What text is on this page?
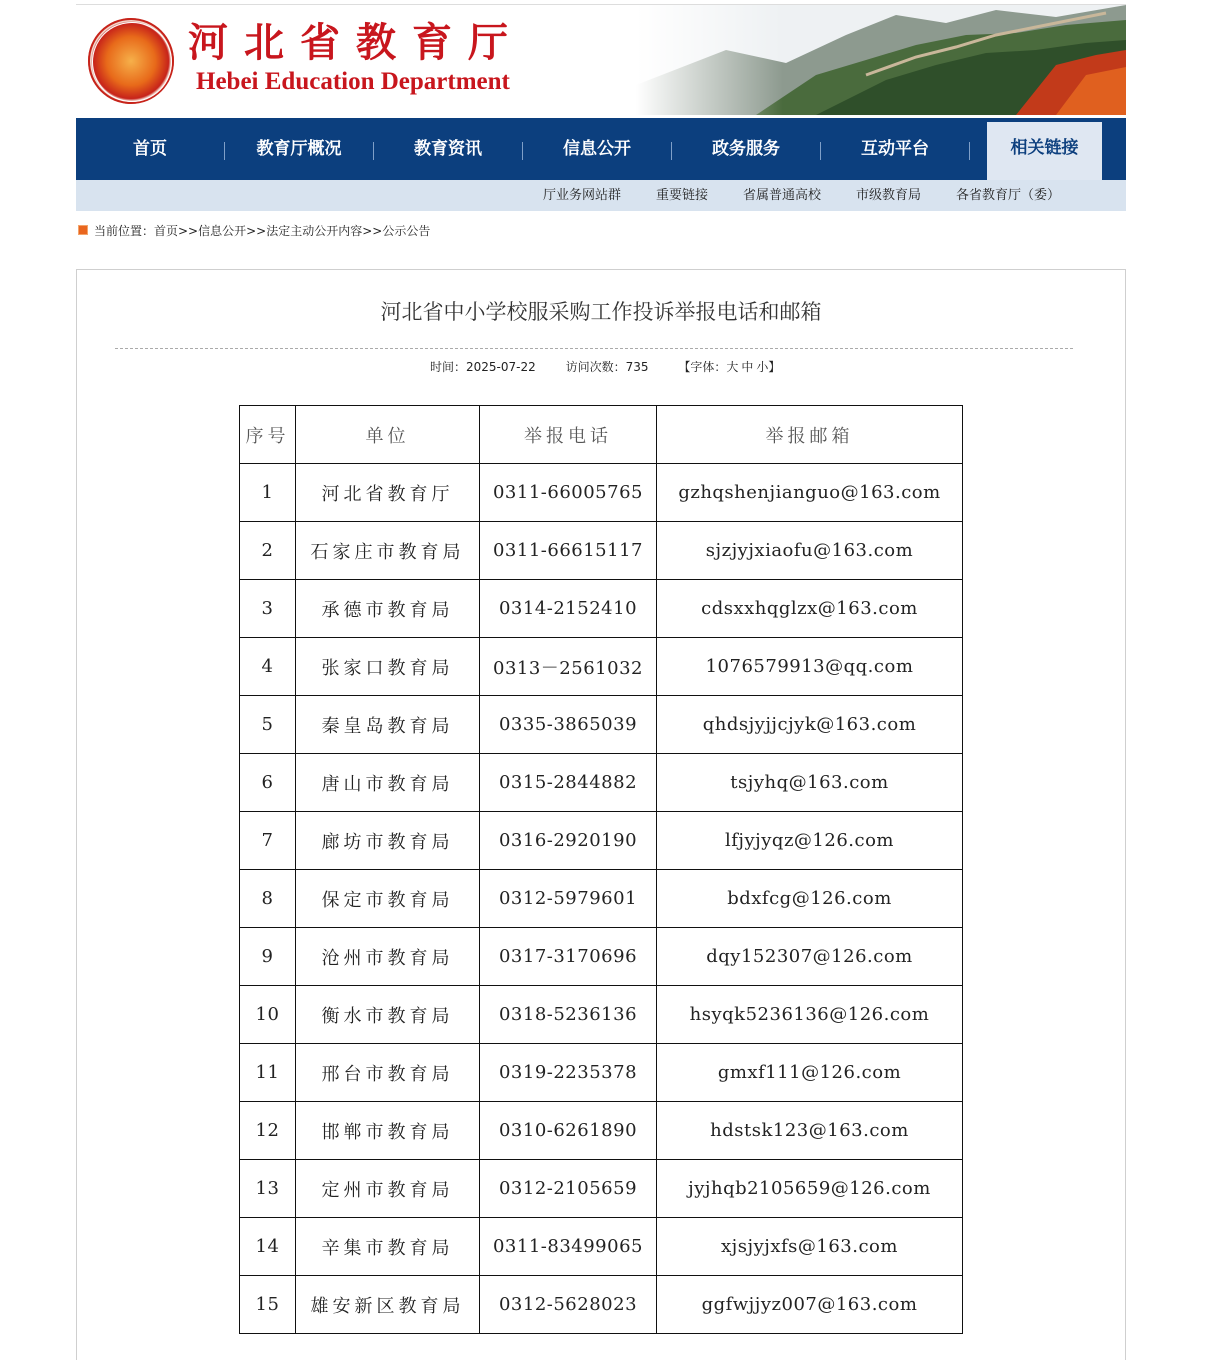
河北省教育厅
Hebei Education Department
首页	教育厅概况	教育资讯	信息公开	政务服务	互动平台	相关链接
厅业务网站群	重要链接	省属普通高校	市级教育局	各省教育厅（委）
当前位置：首页>>信息公开>>法定主动公开内容>>公示公告
河北省中小学校服采购工作投诉举报电话和邮箱
时间：2025-07-22 访问次数：735 【字体：大 中 小】
序号	单位	举报电话	举报邮箱
1	河北省教育厅	0311-66005765	gzhqshenjianguo@163.com
2	石家庄市教育局	0311-66615117	sjzjyjxiaofu@163.com
3	承德市教育局	0314-2152410	cdsxxhqglzx@163.com
4	张家口教育局	0313－2561032	1076579913@qq.com
5	秦皇岛教育局	0335-3865039	qhdsjyjjcjyk@163.com
6	唐山市教育局	0315-2844882	tsjyhq@163.com
7	廊坊市教育局	0316-2920190	lfjyjyqz@126.com
8	保定市教育局	0312-5979601	bdxfcg@126.com
9	沧州市教育局	0317-3170696	dqy152307@126.com
10	衡水市教育局	0318-5236136	hsyqk5236136@126.com
11	邢台市教育局	0319-2235378	gmxf111@126.com
12	邯郸市教育局	0310-6261890	hdstsk123@163.com
13	定州市教育局	0312-2105659	jyjhqb2105659@126.com
14	辛集市教育局	0311-83499065	xjsjyjxfs@163.com
15	雄安新区教育局	0312-5628023	ggfwjjyz007@163.com
